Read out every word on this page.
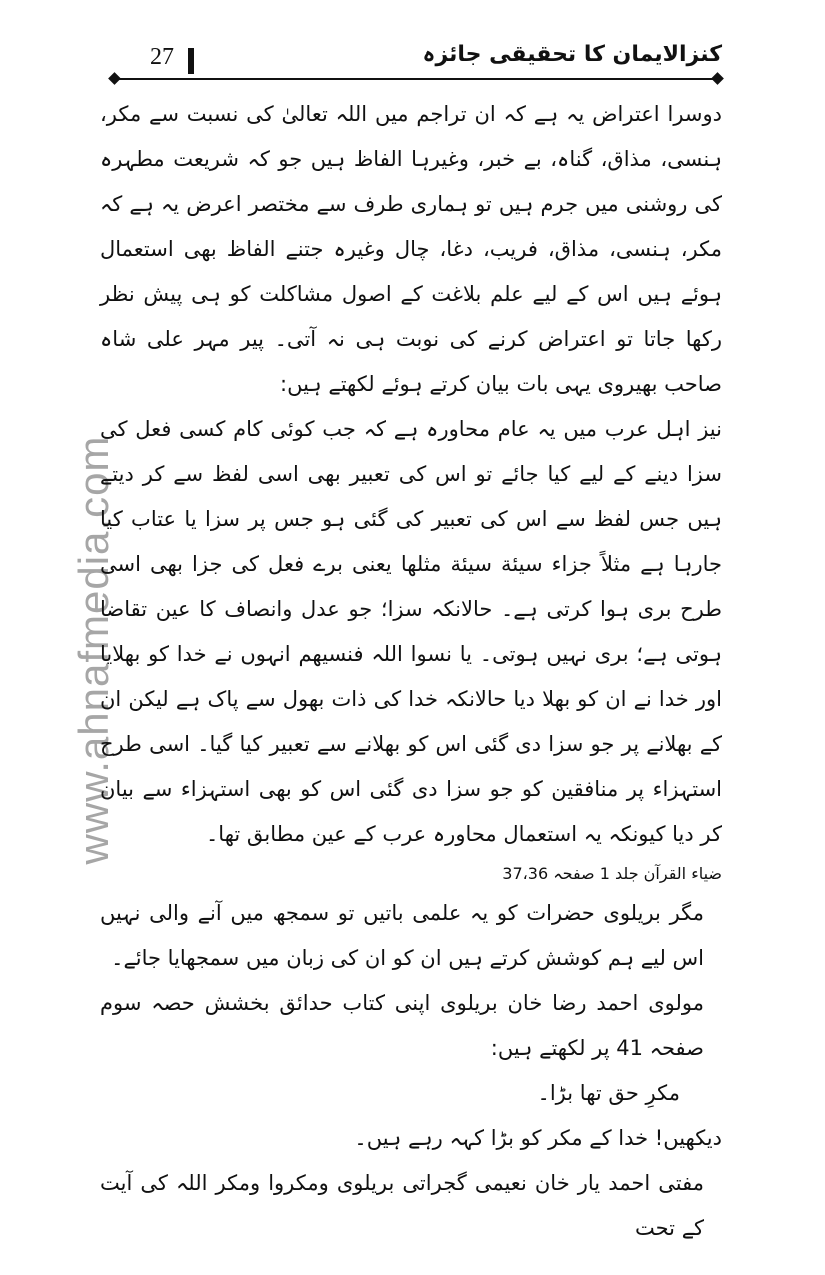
www.ahnafmedia.com
27	کنزالایمان کا تحقیقی جائزہ

دوسرا اعتراض یہ ہے کہ ان تراجم میں اللہ تعالیٰ کی نسبت سے مکر، ہنسی، مذاق، گناہ، بے خبر، وغیرہا الفاظ ہیں جو کہ شریعت مطہرہ کی روشنی میں جرم ہیں تو ہماری طرف سے مختصر اعرض یہ ہے کہ مکر، ہنسی، مذاق، فریب، دغا، چال وغیرہ جتنے الفاظ بھی استعمال ہوئے ہیں اس کے لیے علم بلاغت کے اصول مشاکلت کو ہی پیش نظر رکھا جاتا تو اعتراض کرنے کی نوبت ہی نہ آتی۔ پیر مہر علی شاہ صاحب بھیروی یہی بات بیان کرتے ہوئے لکھتے ہیں:

نیز اہل عرب میں یہ عام محاورہ ہے کہ جب کوئی کام کسی فعل کی سزا دینے کے لیے کیا جائے تو اس کی تعبیر بھی اسی لفظ سے کر دیتے ہیں جس لفظ سے اس کی تعبیر کی گئی ہو جس پر سزا یا عتاب کیا جارہا ہے مثلاً جزاء سیئة سیئة مثلها یعنی برے فعل کی جزا بھی اسی طرح بری ہوا کرتی ہے۔ حالانکہ سزا؛ جو عدل وانصاف کا عین تقاضا ہوتی ہے؛ بری نہیں ہوتی۔ یا نسوا اللہ فنسیھم انہوں نے خدا کو بھلایا اور خدا نے ان کو بھلا دیا حالانکہ خدا کی ذات بھول سے پاک ہے لیکن ان کے بھلانے پر جو سزا دی گئی اس کو بھلانے سے تعبیر کیا گیا۔ اسی طرح استہزاء پر منافقین کو جو سزا دی گئی اس کو بھی استہزاء سے بیان کر دیا کیونکہ یہ استعمال محاورہ عرب کے عین مطابق تھا۔

ضیاء القرآن جلد 1 صفحہ 37،36

مگر بریلوی حضرات کو یہ علمی باتیں تو سمجھ میں آنے والی نہیں اس لیے ہم کوشش کرتے ہیں ان کو ان کی زبان میں سمجھایا جائے۔

مولوی احمد رضا خان بریلوی اپنی کتاب حدائق بخشش حصہ سوم صفحہ 41 پر لکھتے ہیں:

مکرِ حق تھا بڑا۔

دیکھیں! خدا کے مکر کو بڑا کہہ رہے ہیں۔

مفتی احمد یار خان نعیمی گجراتی بریلوی ومکروا ومکر اللہ کی آیت کے تحت
